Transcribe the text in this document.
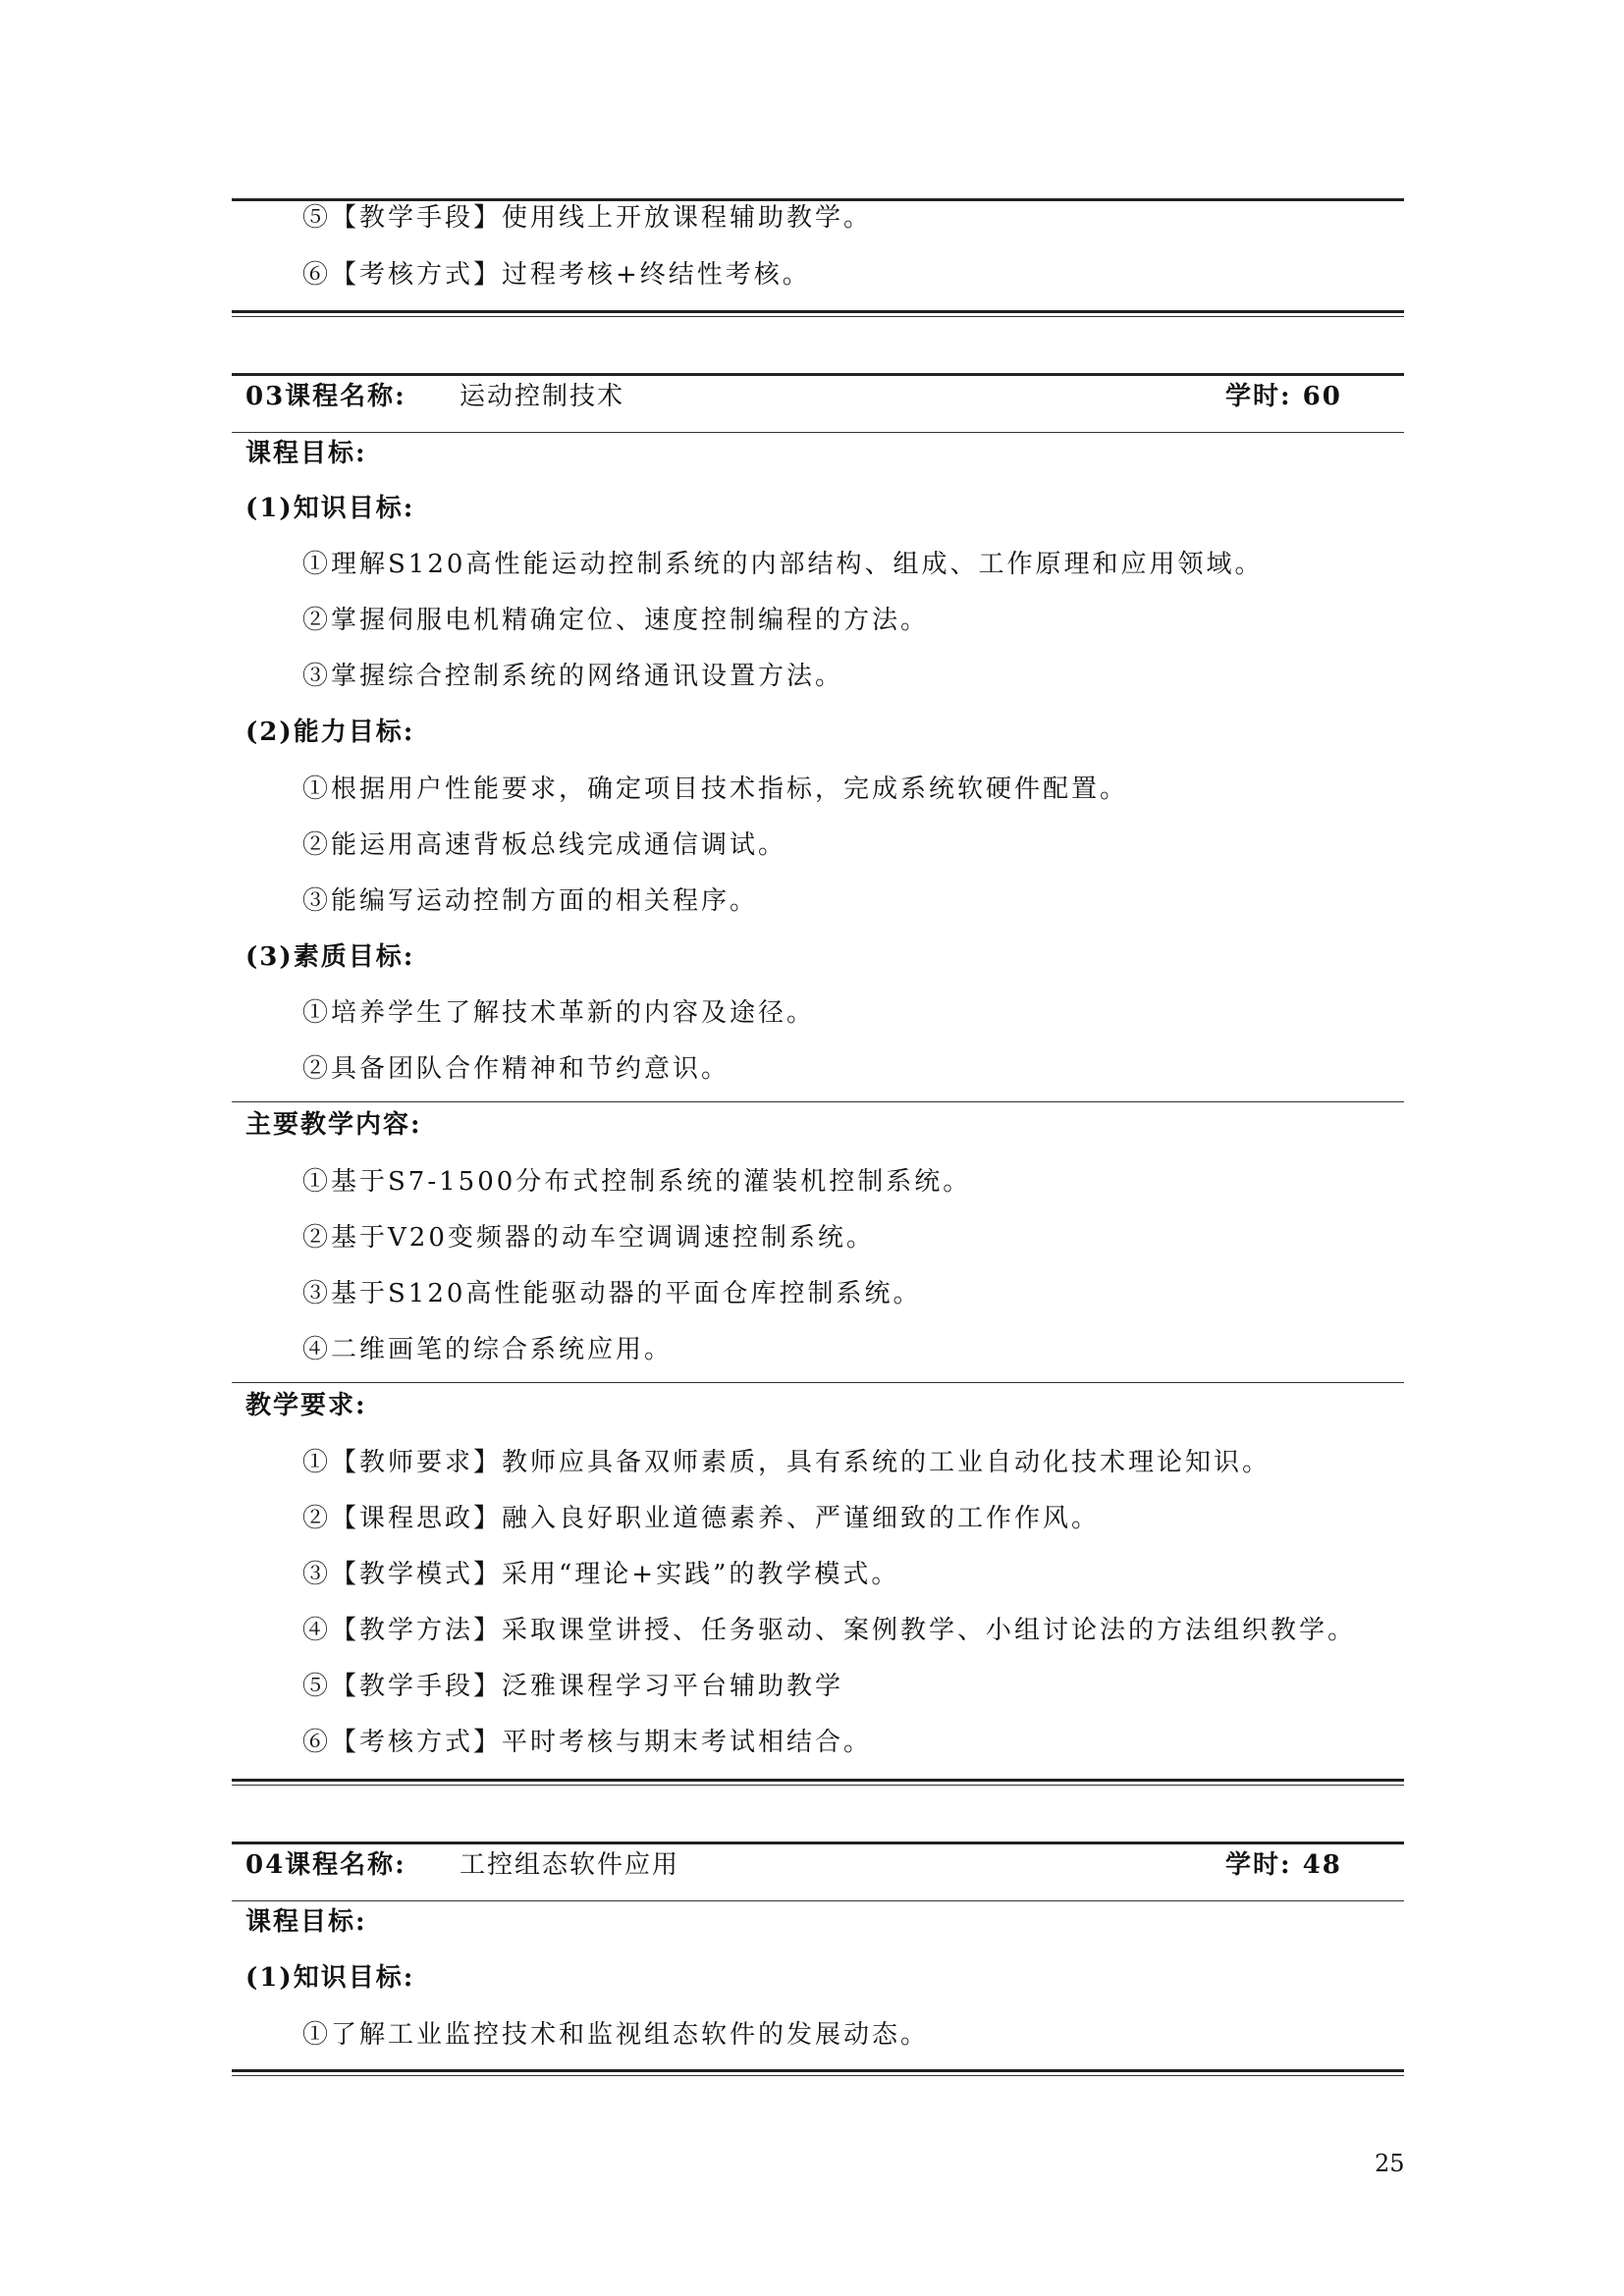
⑤【教学手段】使用线上开放课程辅助教学。
⑥【考核方式】过程考核+终结性考核。
03课程名称: 运动控制技术	学时: 60
课程目标:
(1)知识目标:
①理解S120高性能运动控制系统的内部结构、组成、工作原理和应用领域。
②掌握伺服电机精确定位、速度控制编程的方法。
③掌握综合控制系统的网络通讯设置方法。
(2)能力目标:
①根据用户性能要求，确定项目技术指标，完成系统软硬件配置。
②能运用高速背板总线完成通信调试。
③能编写运动控制方面的相关程序。
(3)素质目标:
①培养学生了解技术革新的内容及途径。
②具备团队合作精神和节约意识。
主要教学内容:
①基于S7-1500分布式控制系统的灌装机控制系统。
②基于V20变频器的动车空调调速控制系统。
③基于S120高性能驱动器的平面仓库控制系统。
④二维画笔的综合系统应用。
教学要求:
①【教师要求】教师应具备双师素质，具有系统的工业自动化技术理论知识。
②【课程思政】融入良好职业道德素养、严谨细致的工作作风。
③【教学模式】采用“理论+实践”的教学模式。
④【教学方法】采取课堂讲授、任务驱动、案例教学、小组讨论法的方法组织教学。
⑤【教学手段】泛雅课程学习平台辅助教学
⑥【考核方式】平时考核与期末考试相结合。
04课程名称: 工控组态软件应用	学时: 48
课程目标:
(1)知识目标:
①了解工业监控技术和监视组态软件的发展动态。
25
